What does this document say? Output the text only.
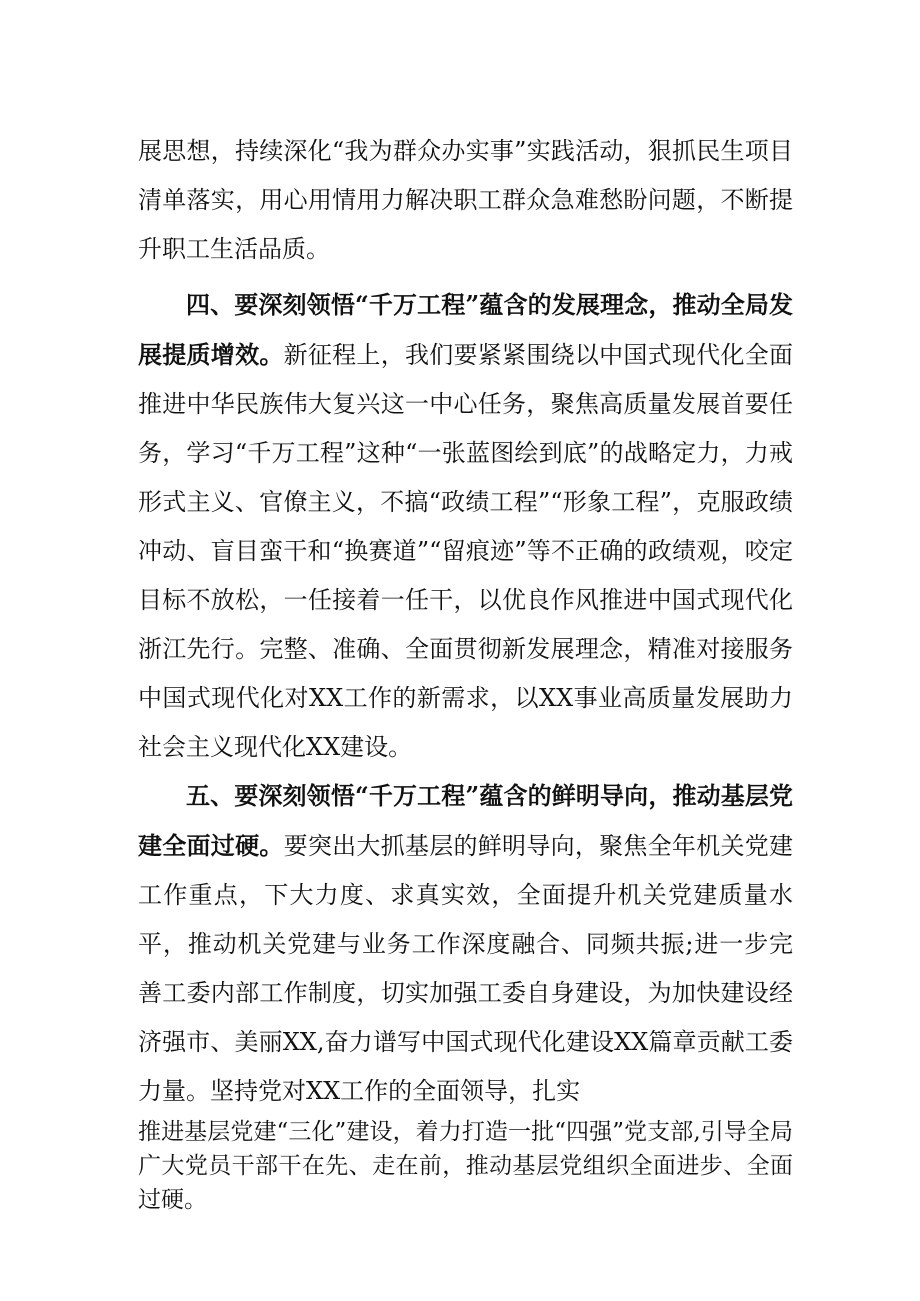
展思想，持续深化“我为群众办实事”实践活动，狠抓民生项目清单落实，用心用情用力解决职工群众急难愁盼问题，不断提升职工生活品质。

四、要深刻领悟“千万工程”蕴含的发展理念，推动全局发展提质增效。新征程上，我们要紧紧围绕以中国式现代化全面推进中华民族伟大复兴这一中心任务，聚焦高质量发展首要任务，学习“千万工程”这种“一张蓝图绘到底”的战略定力，力戒形式主义、官僚主义，不搞“政绩工程”“形象工程”，克服政绩冲动、盲目蛮干和“换赛道”“留痕迹”等不正确的政绩观，咬定目标不放松，一任接着一任干，以优良作风推进中国式现代化浙江先行。完整、准确、全面贯彻新发展理念，精准对接服务中国式现代化对XX工作的新需求，以XX事业高质量发展助力社会主义现代化XX建设。

五、要深刻领悟“千万工程”蕴含的鲜明导向，推动基层党建全面过硬。要突出大抓基层的鲜明导向，聚焦全年机关党建工作重点，下大力度、求真实效，全面提升机关党建质量水平，推动机关党建与业务工作深度融合、同频共振;进一步完善工委内部工作制度，切实加强工委自身建设，为加快建设经济强市、美丽XX,奋力谱写中国式现代化建设XX篇章贡献工委力量。坚持党对XX工作的全面领导，扎实

推进基层党建“三化”建设，着力打造一批“四强”党支部,引导全局广大党员干部干在先、走在前，推动基层党组织全面进步、全面过硬。
